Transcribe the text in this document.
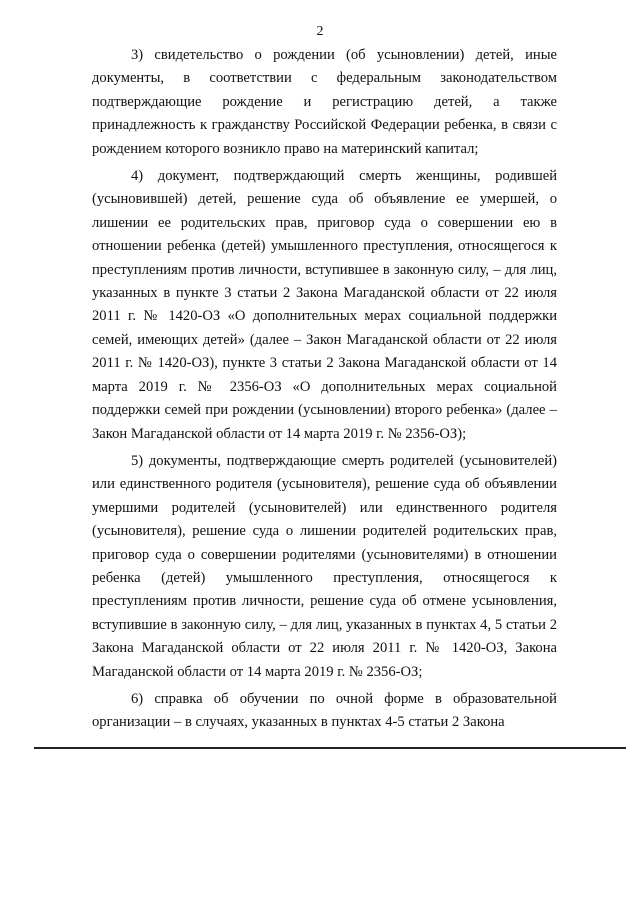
2

3) свидетельство о рождении (об усыновлении) детей, иные документы, в соответствии с федеральным законодательством подтверждающие рождение и регистрацию детей, а также принадлежность к гражданству Российской Федерации ребенка, в связи с рождением которого возникло право на материнский капитал;

4) документ, подтверждающий смерть женщины, родившей (усыновившей) детей, решение суда об объявление ее умершей, о лишении ее родительских прав, приговор суда о совершении ею в отношении ребенка (детей) умышленного преступления, относящегося к преступлениям против личности, вступившее в законную силу, – для лиц, указанных в пункте 3 статьи 2 Закона Магаданской области от 22 июля 2011 г. № 1420-ОЗ «О дополнительных мерах социальной поддержки семей, имеющих детей» (далее – Закон Магаданской области от 22 июля 2011 г. № 1420-ОЗ), пункте 3 статьи 2 Закона Магаданской области от 14 марта 2019 г. № 2356-ОЗ «О дополнительных мерах социальной поддержки семей при рождении (усыновлении) второго ребенка» (далее – Закон Магаданской области от 14 марта 2019 г. № 2356-ОЗ);

5) документы, подтверждающие смерть родителей (усыновителей) или единственного родителя (усыновителя), решение суда об объявлении умершими родителей (усыновителей) или единственного родителя (усыновителя), решение суда о лишении родителей родительских прав, приговор суда о совершении родителями (усыновителями) в отношении ребенка (детей) умышленного преступления, относящегося к преступлениям против личности, решение суда об отмене усыновления, вступившие в законную силу, – для лиц, указанных в пунктах 4, 5 статьи 2 Закона Магаданской области от 22 июля 2011 г. № 1420-ОЗ, Закона Магаданской области от 14 марта 2019 г. № 2356-ОЗ;

6) справка об обучении по очной форме в образовательной организации – в случаях, указанных в пунктах 4-5 статьи 2 Закона
